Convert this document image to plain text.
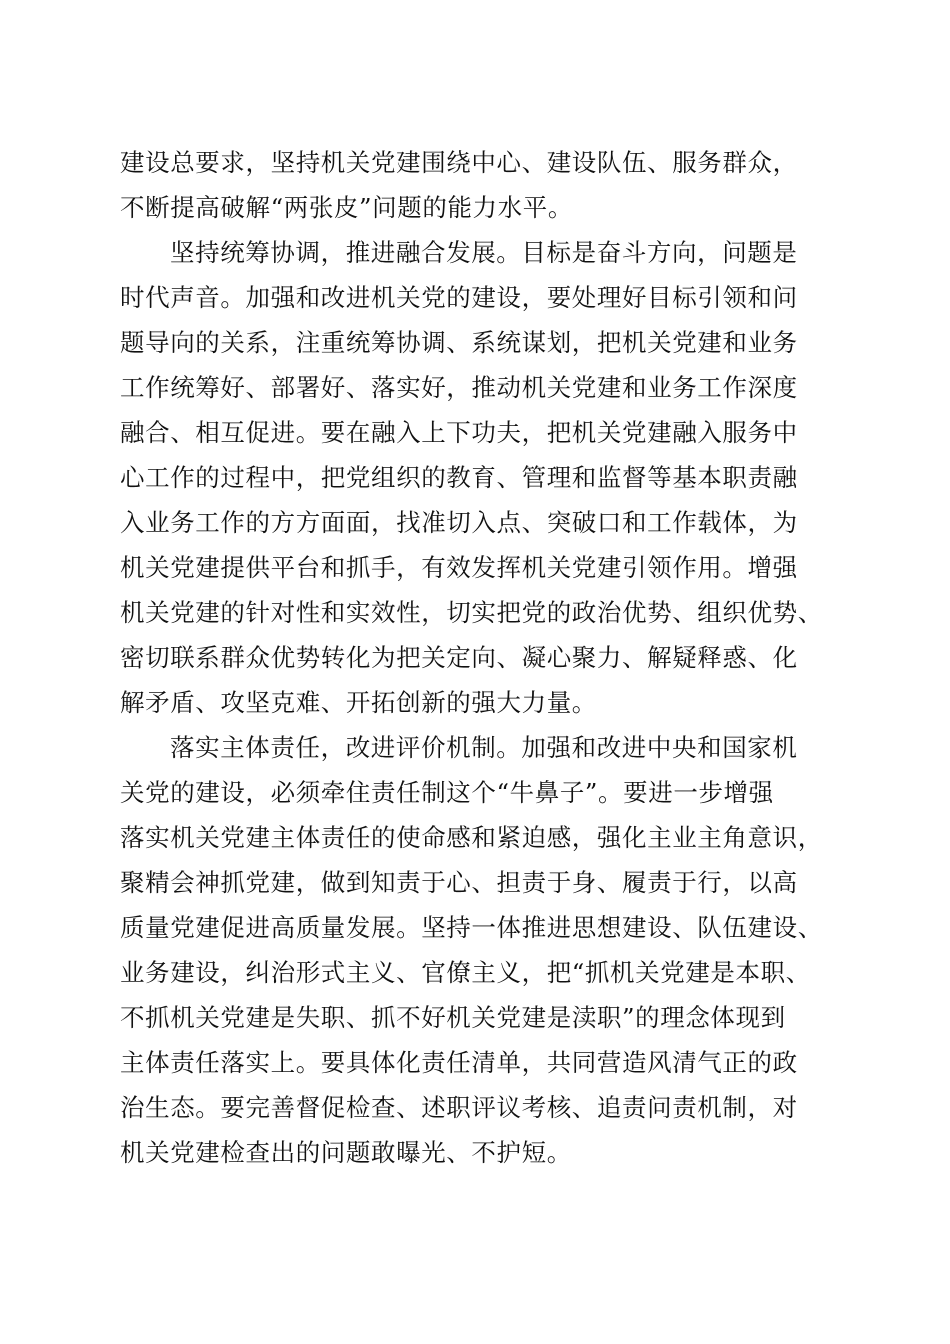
建设总要求，坚持机关党建围绕中心、建设队伍、服务群众，

不断提高破解“两张皮”问题的能力水平。

坚持统筹协调，推进融合发展。目标是奋斗方向，问题是

时代声音。加强和改进机关党的建设，要处理好目标引领和问

题导向的关系，注重统筹协调、系统谋划，把机关党建和业务

工作统筹好、部署好、落实好，推动机关党建和业务工作深度

融合、相互促进。要在融入上下功夫，把机关党建融入服务中

心工作的过程中，把党组织的教育、管理和监督等基本职责融

入业务工作的方方面面，找准切入点、突破口和工作载体，为

机关党建提供平台和抓手，有效发挥机关党建引领作用。增强

机关党建的针对性和实效性，切实把党的政治优势、组织优势、

密切联系群众优势转化为把关定向、凝心聚力、解疑释惑、化

解矛盾、攻坚克难、开拓创新的强大力量。

落实主体责任，改进评价机制。加强和改进中央和国家机

关党的建设，必须牵住责任制这个“牛鼻子”。要进一步增强

落实机关党建主体责任的使命感和紧迫感，强化主业主角意识，

聚精会神抓党建，做到知责于心、担责于身、履责于行，以高

质量党建促进高质量发展。坚持一体推进思想建设、队伍建设、

业务建设，纠治形式主义、官僚主义，把“抓机关党建是本职、

不抓机关党建是失职、抓不好机关党建是渎职”的理念体现到

主体责任落实上。要具体化责任清单，共同营造风清气正的政

治生态。要完善督促检查、述职评议考核、追责问责机制，对

机关党建检查出的问题敢曝光、不护短。
